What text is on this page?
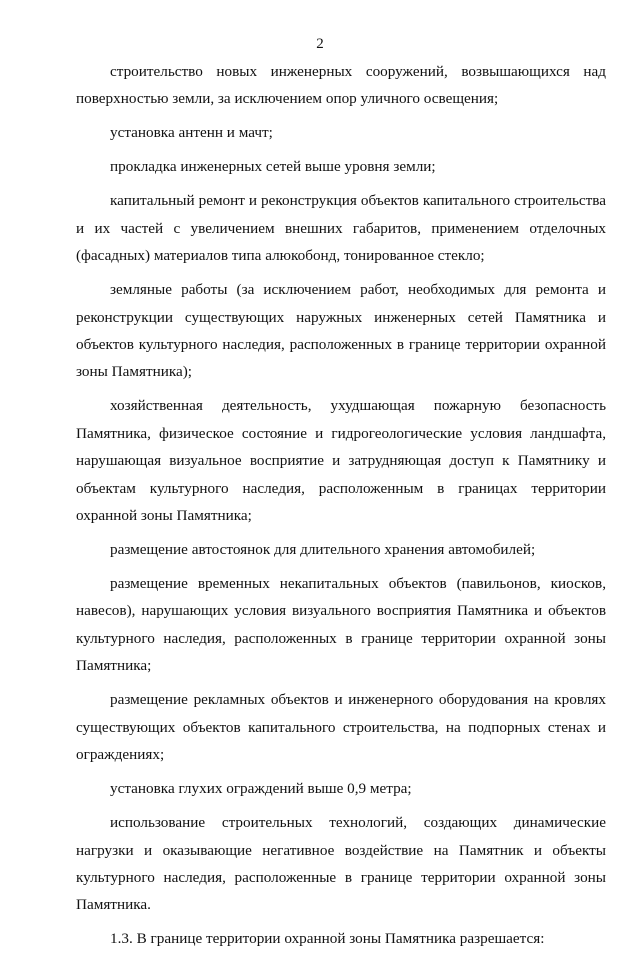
2

строительство новых инженерных сооружений, возвышающихся над поверхностью земли, за исключением опор уличного освещения;

установка антенн и мачт;

прокладка инженерных сетей выше уровня земли;

капитальный ремонт и реконструкция объектов капитального строительства и их частей с увеличением внешних габаритов, применением отделочных (фасадных) материалов типа алюкобонд, тонированное стекло;

земляные работы (за исключением работ, необходимых для ремонта и реконструкции существующих наружных инженерных сетей Памятника и объектов культурного наследия, расположенных в границе территории охранной зоны Памятника);

хозяйственная деятельность, ухудшающая пожарную безопасность Памятника, физическое состояние и гидрогеологические условия ландшафта, нарушающая визуальное восприятие и затрудняющая доступ к Памятнику и объектам культурного наследия, расположенным в границах территории охранной зоны Памятника;

размещение автостоянок для длительного хранения автомобилей;

размещение временных некапитальных объектов (павильонов, киосков, навесов), нарушающих условия визуального восприятия Памятника и объектов культурного наследия, расположенных в границе территории охранной зоны Памятника;

размещение рекламных объектов и инженерного оборудования на кровлях существующих объектов капитального строительства, на подпорных стенах и ограждениях;

установка глухих ограждений выше 0,9 метра;

использование строительных технологий, создающих динамические нагрузки и оказывающие негативное воздействие на Памятник и объекты культурного наследия, расположенные в границе территории охранной зоны Памятника.

1.3. В границе территории охранной зоны Памятника разрешается:
